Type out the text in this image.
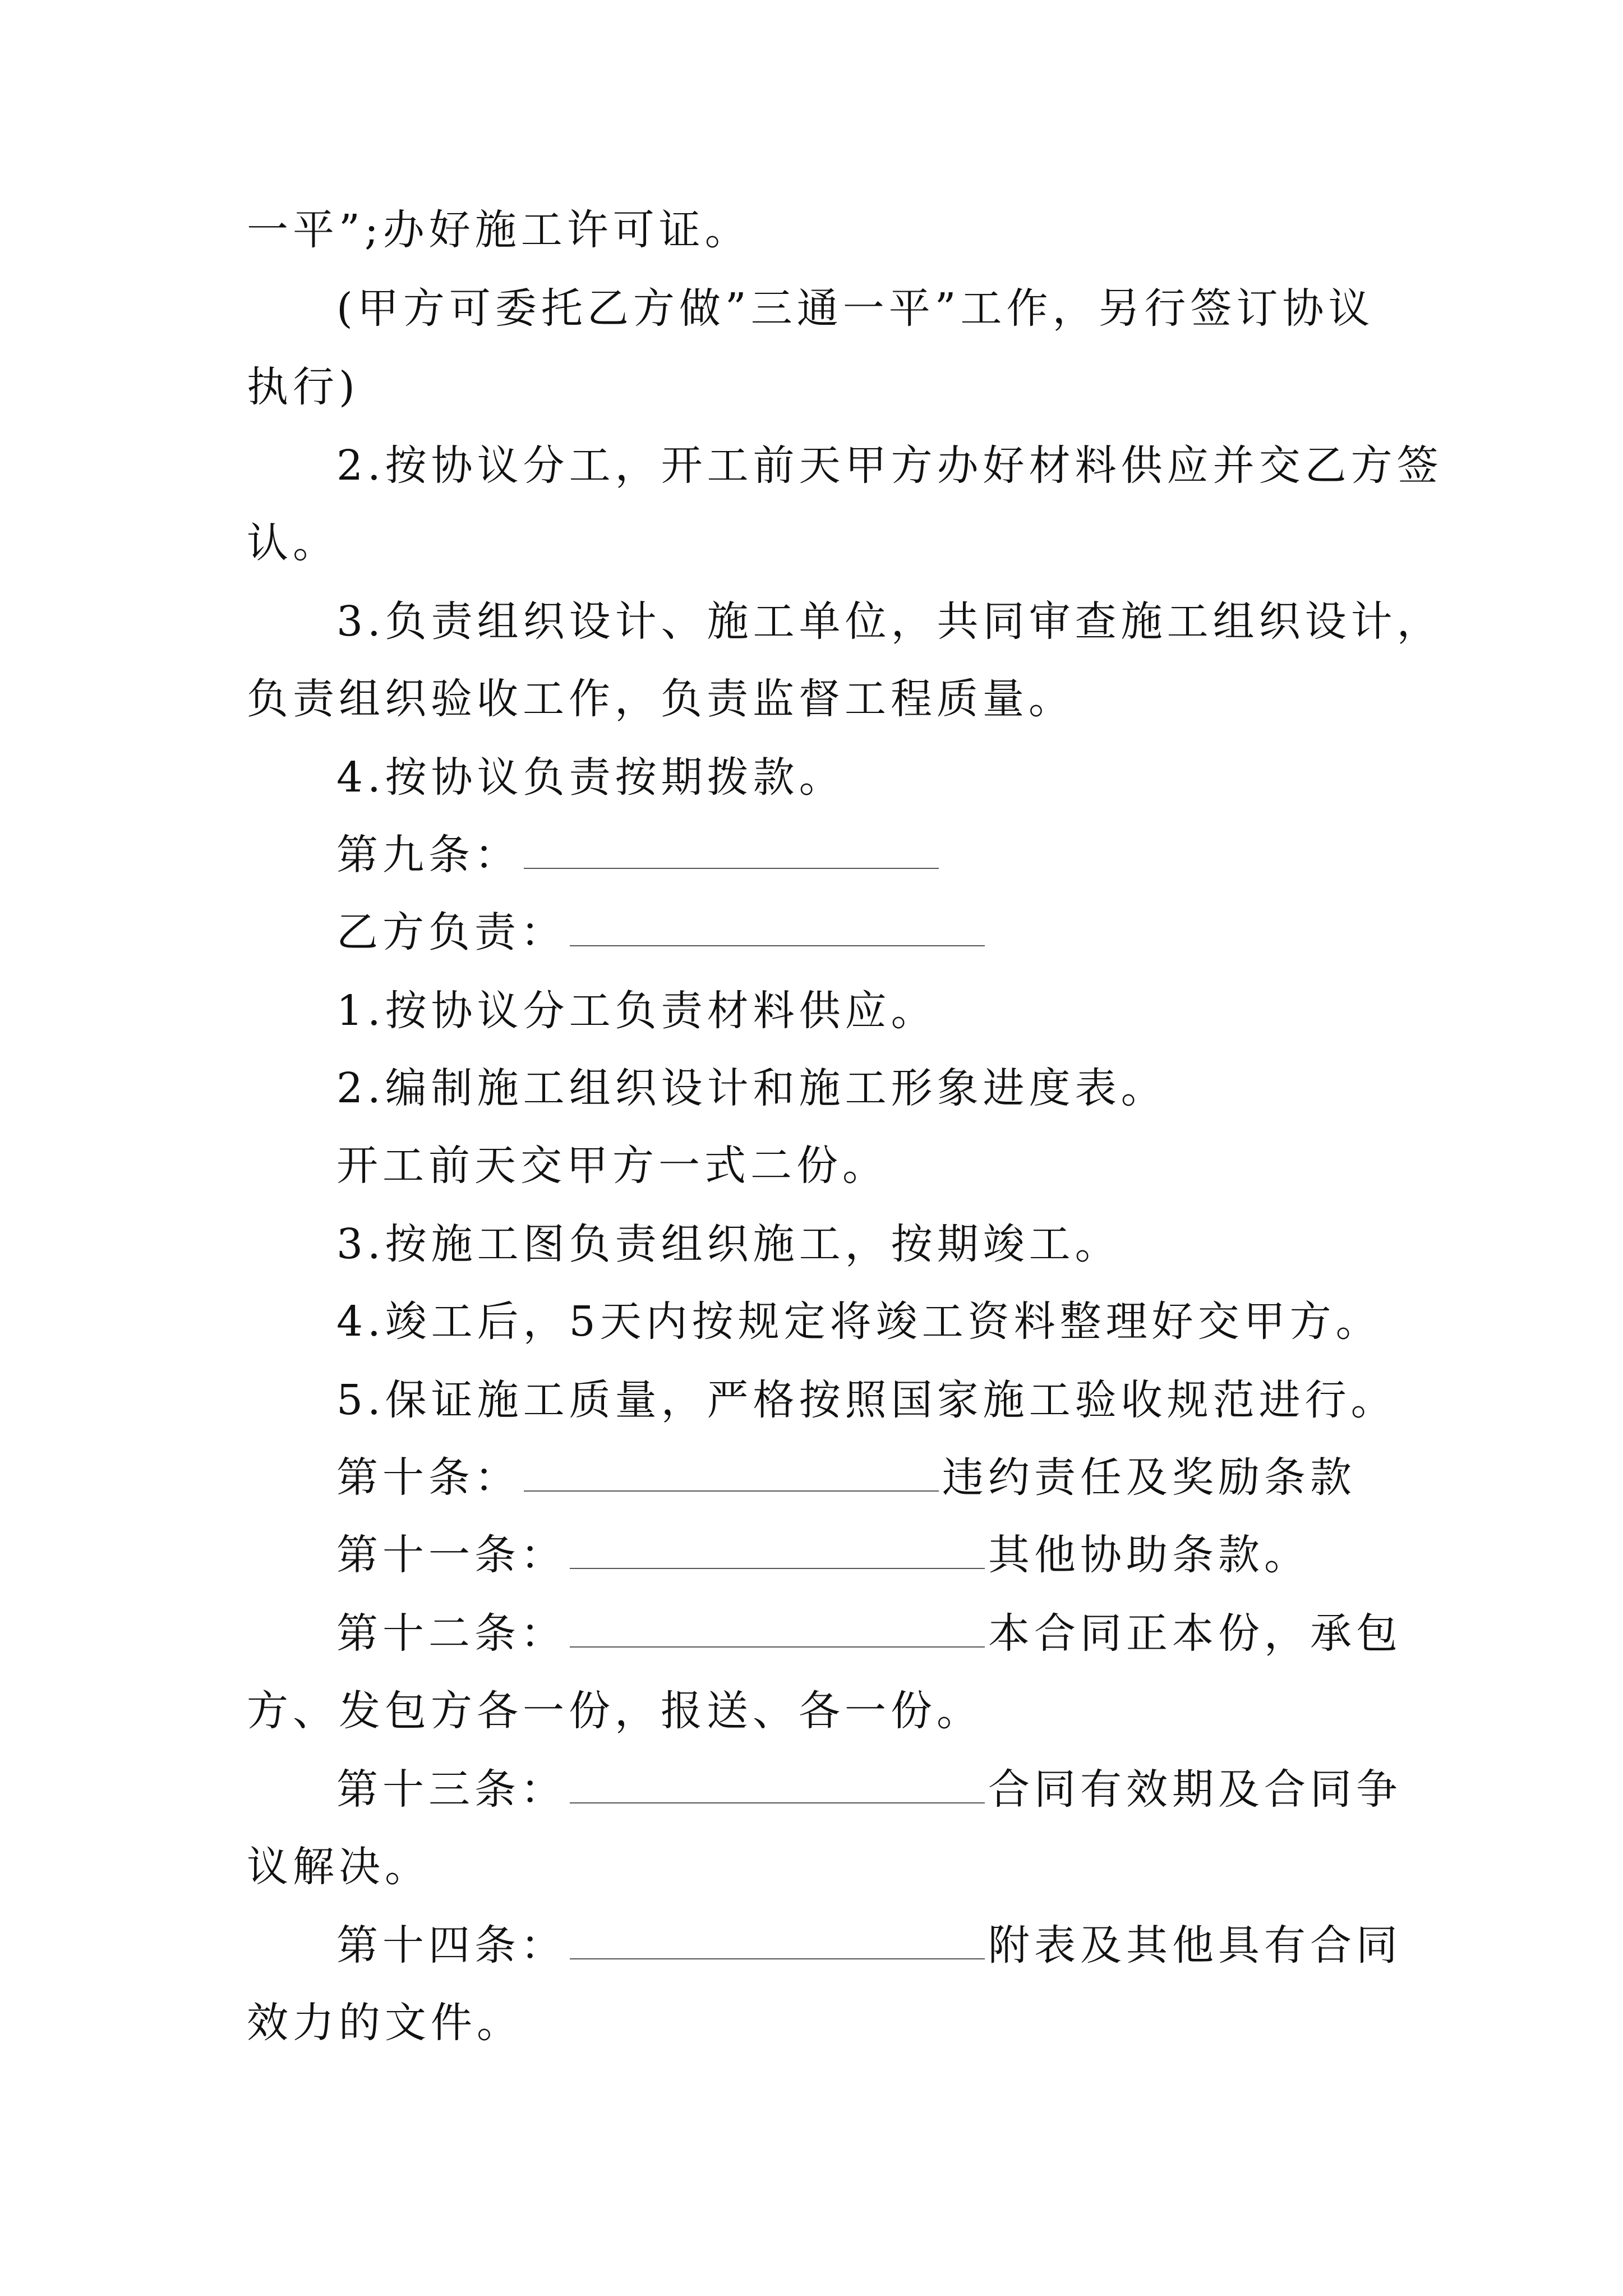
一平”;办好施工许可证。
(甲方可委托乙方做”三通一平”工作，另行签订协议
执行)
2.按协议分工，开工前天甲方办好材料供应并交乙方签
认。
3.负责组织设计、施工单位，共同审查施工组织设计，
负责组织验收工作，负责监督工程质量。
4.按协议负责按期拨款。
第九条：
乙方负责：
1.按协议分工负责材料供应。
2.编制施工组织设计和施工形象进度表。
开工前天交甲方一式二份。
3.按施工图负责组织施工，按期竣工。
4.竣工后，5天内按规定将竣工资料整理好交甲方。
5.保证施工质量，严格按照国家施工验收规范进行。
第十条：	违约责任及奖励条款
第十一条：	其他协助条款。
第十二条：	本合同正本份，承包
方、发包方各一份，报送、各一份。
第十三条：	合同有效期及合同争
议解决。
第十四条：	附表及其他具有合同
效力的文件。
